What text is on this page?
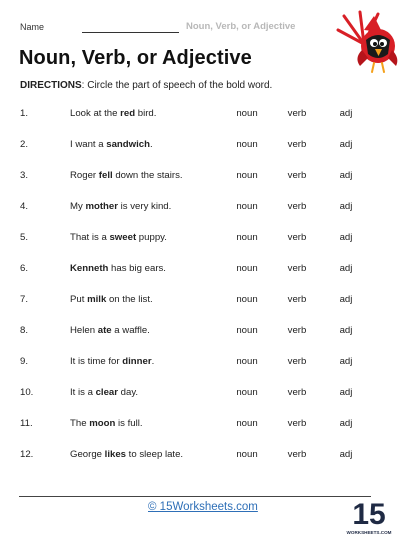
Name	Noun, Verb, or Adjective
Noun, Verb, or Adjective
DIRECTIONS: Circle the part of speech of the bold word.
1.	Look at the red bird.	noun	verb	adj
2.	I want a sandwich.	noun	verb	adj
3.	Roger fell down the stairs.	noun	verb	adj
4.	My mother is very kind.	noun	verb	adj
5.	That is a sweet puppy.	noun	verb	adj
6.	Kenneth has big ears.	noun	verb	adj
7.	Put milk on the list.	noun	verb	adj
8.	Helen ate a waffle.	noun	verb	adj
9.	It is time for dinner.	noun	verb	adj
10.	It is a clear day.	noun	verb	adj
11.	The moon is full.	noun	verb	adj
12.	George likes to sleep late.	noun	verb	adj
© 15Worksheets.com	15
WORKSHEETS.COM
